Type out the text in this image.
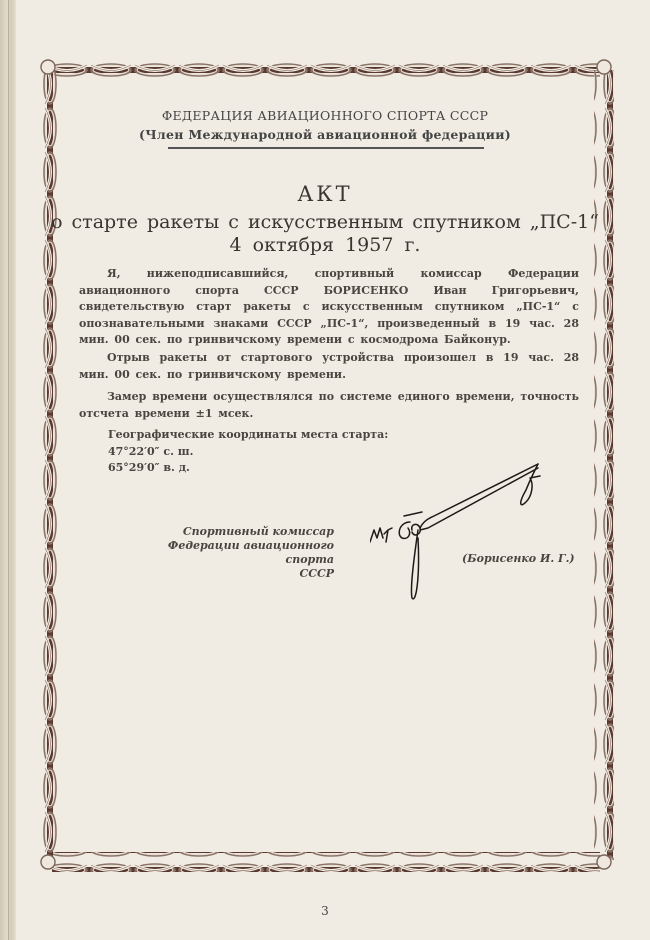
ФЕДЕРАЦИЯ АВИАЦИОННОГО СПОРТА СССР
(Член Международной авиационной федерации)
АКТ
о старте ракеты с искусственным спутником „ПС-1“
4 октября 1957 г.
Я, нижеподписавшийся, спортивный комиссар Федерации авиационного спорта СССР БОРИСЕНКО Иван Григорьевич, свидетельствую старт ракеты с искусственным спутником „ПС-1“ с опознавательными знаками СССР „ПС-1“, произведенный в 19 час. 28 мин. 00 сек. по гринвичскому времени с космодрома Байконур.
Отрыв ракеты от стартового устройства произошел в 19 час. 28 мин. 00 сек. по гринвичскому времени.
Замер времени осуществлялся по системе единого времени, точность отсчета времени ±1 мсек.
Географические координаты места старта:
47°22′0″ с. ш.
65°29′0″ в. д.
Спортивный комиссар
Федерации авиационного спорта
СССР
(Борисенко И. Г.)
3
